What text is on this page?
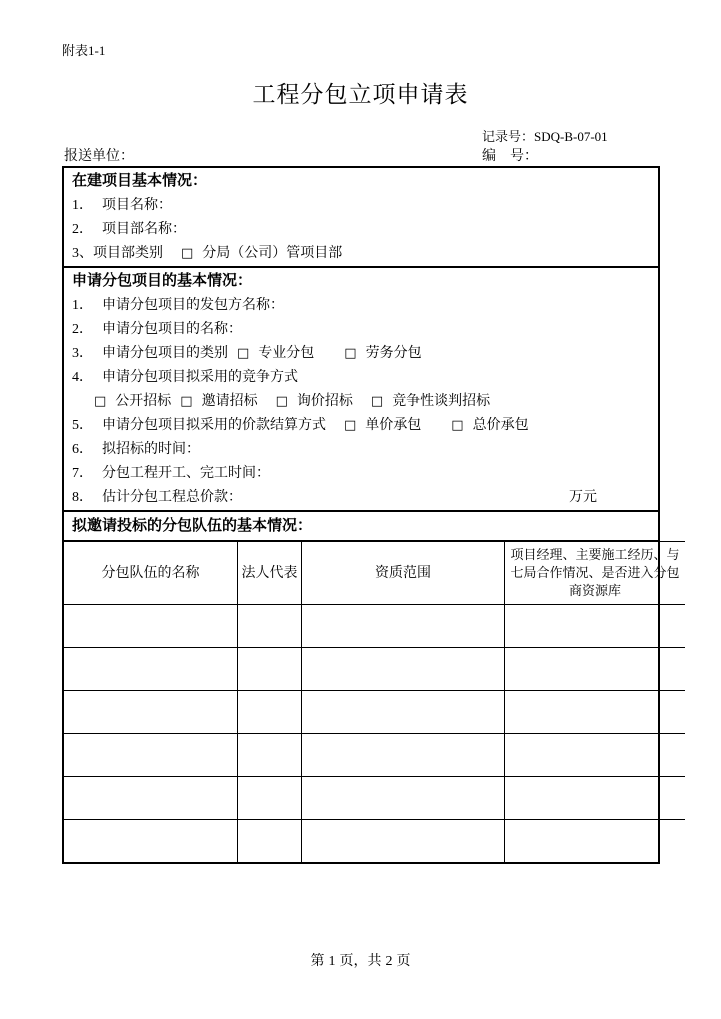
附表1-1
工程分包立项申请表
记录号：SDQ-B-07-01
报送单位：	编 号：
在建项目基本情况：
1． 项目名称：
2． 项目部名称：
3、项目部类别 □ 分局（公司）管项目部
申请分包项目的基本情况：
1． 申请分包项目的发包方名称：
2． 申请分包项目的名称：
3． 申请分包项目的类别 □ 专业分包 □ 劳务分包
4． 申请分包项目拟采用的竞争方式
□ 公开招标 □ 邀请招标 □ 询价招标 □ 竞争性谈判招标
5． 申请分包项目拟采用的价款结算方式 □ 单价承包 □ 总价承包
6． 拟招标的时间：
7． 分包工程开工、完工时间：
8． 估计分包工程总价款：	万元
拟邀请投标的分包队伍的基本情况：
分包队伍的名称	法人代表	资质范围	项目经理、主要施工经历、与七局合作情况、是否进入分包商资源库

第 1 页，共 2 页
